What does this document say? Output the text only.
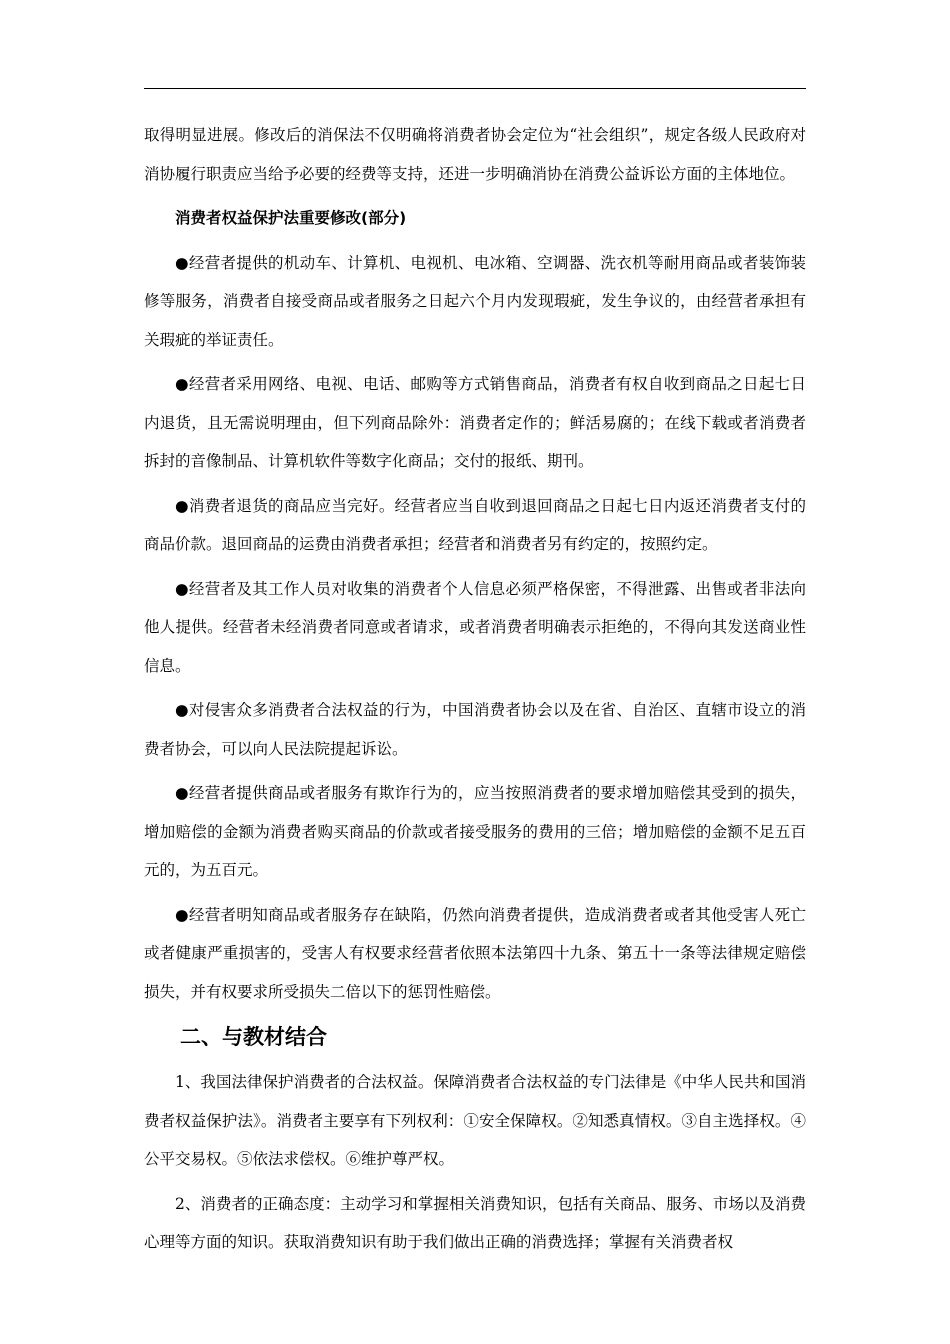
取得明显进展。修改后的消保法不仅明确将消费者协会定位为“社会组织”，规定各级人民政府对消协履行职责应当给予必要的经费等支持，还进一步明确消协在消费公益诉讼方面的主体地位。

消费者权益保护法重要修改(部分)

●经营者提供的机动车、计算机、电视机、电冰箱、空调器、洗衣机等耐用商品或者装饰装修等服务，消费者自接受商品或者服务之日起六个月内发现瑕疵，发生争议的，由经营者承担有关瑕疵的举证责任。

●经营者采用网络、电视、电话、邮购等方式销售商品，消费者有权自收到商品之日起七日内退货，且无需说明理由，但下列商品除外：消费者定作的；鲜活易腐的；在线下载或者消费者拆封的音像制品、计算机软件等数字化商品；交付的报纸、期刊。

●消费者退货的商品应当完好。经营者应当自收到退回商品之日起七日内返还消费者支付的商品价款。退回商品的运费由消费者承担；经营者和消费者另有约定的，按照约定。

●经营者及其工作人员对收集的消费者个人信息必须严格保密，不得泄露、出售或者非法向他人提供。经营者未经消费者同意或者请求，或者消费者明确表示拒绝的，不得向其发送商业性信息。

●对侵害众多消费者合法权益的行为，中国消费者协会以及在省、自治区、直辖市设立的消费者协会，可以向人民法院提起诉讼。

●经营者提供商品或者服务有欺诈行为的，应当按照消费者的要求增加赔偿其受到的损失，增加赔偿的金额为消费者购买商品的价款或者接受服务的费用的三倍；增加赔偿的金额不足五百元的，为五百元。

●经营者明知商品或者服务存在缺陷，仍然向消费者提供，造成消费者或者其他受害人死亡或者健康严重损害的，受害人有权要求经营者依照本法第四十九条、第五十一条等法律规定赔偿损失，并有权要求所受损失二倍以下的惩罚性赔偿。

二、与教材结合

1、我国法律保护消费者的合法权益。保障消费者合法权益的专门法律是《中华人民共和国消费者权益保护法》。消费者主要享有下列权利：①安全保障权。②知悉真情权。③自主选择权。④公平交易权。⑤依法求偿权。⑥维护尊严权。

2、消费者的正确态度：主动学习和掌握相关消费知识，包括有关商品、服务、市场以及消费心理等方面的知识。获取消费知识有助于我们做出正确的消费选择；掌握有关消费者权
